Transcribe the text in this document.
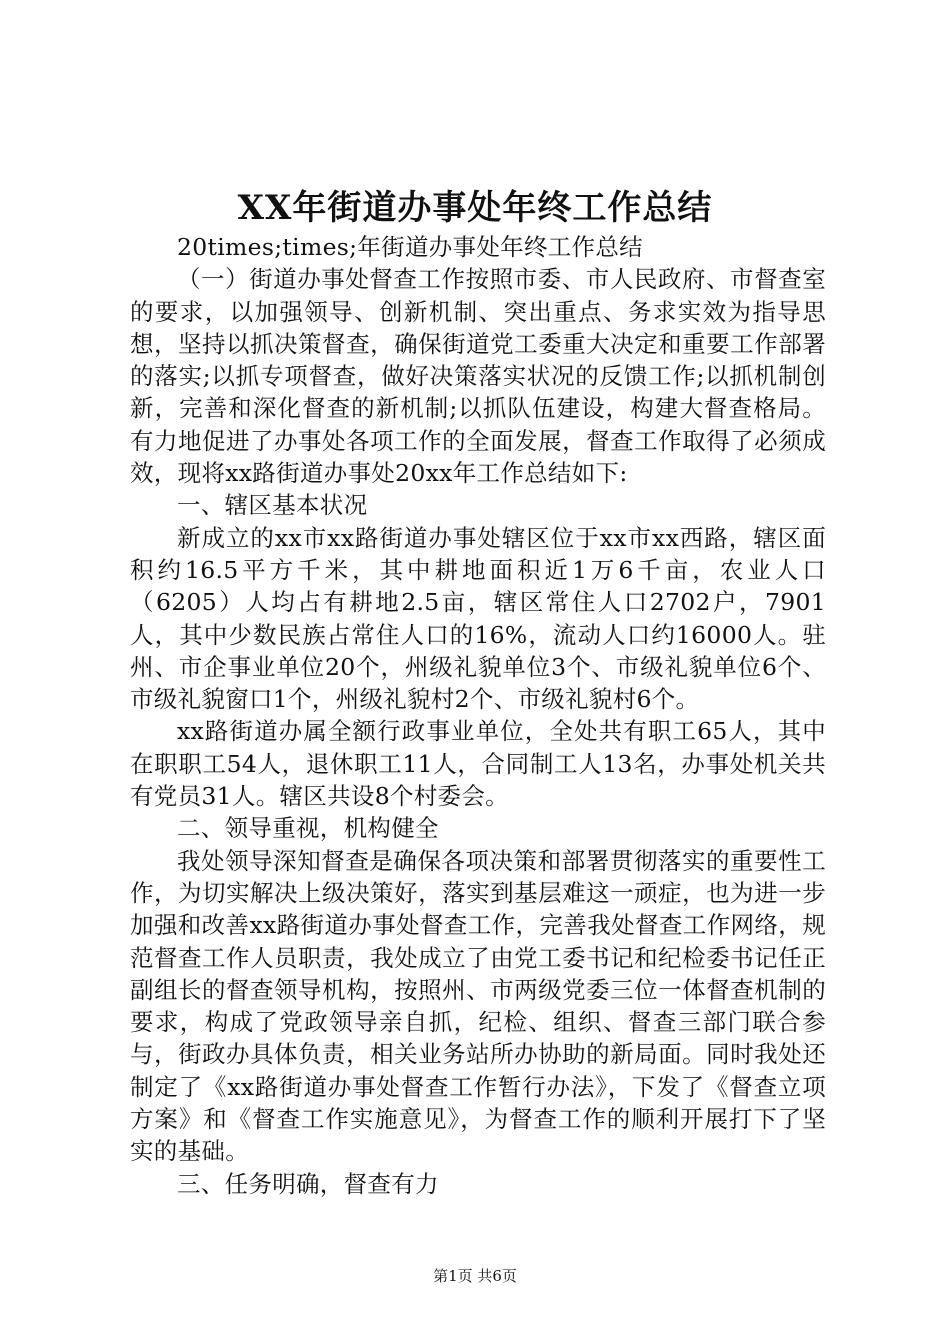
XX年街道办事处年终工作总结

20times;times;年街道办事处年终工作总结

（一）街道办事处督查工作按照市委、市人民政府、市督查室的要求，以加强领导、创新机制、突出重点、务求实效为指导思想，坚持以抓决策督查，确保街道党工委重大决定和重要工作部署的落实;以抓专项督查，做好决策落实状况的反馈工作;以抓机制创新，完善和深化督查的新机制;以抓队伍建设，构建大督查格局。有力地促进了办事处各项工作的全面发展，督查工作取得了必须成效，现将xx路街道办事处20xx年工作总结如下:

一、辖区基本状况

新成立的xx市xx路街道办事处辖区位于xx市xx西路，辖区面积约16.5平方千米，其中耕地面积近1万6千亩，农业人口（6205）人均占有耕地2.5亩，辖区常住人口2702户，7901人，其中少数民族占常住人口的16%，流动人口约16000人。驻州、市企事业单位20个，州级礼貌单位3个、市级礼貌单位6个、市级礼貌窗口1个，州级礼貌村2个、市级礼貌村6个。

xx路街道办属全额行政事业单位，全处共有职工65人，其中在职职工54人，退休职工11人，合同制工人13名，办事处机关共有党员31人。辖区共设8个村委会。

二、领导重视，机构健全

我处领导深知督查是确保各项决策和部署贯彻落实的重要性工作，为切实解决上级决策好，落实到基层难这一顽症，也为进一步加强和改善xx路街道办事处督查工作，完善我处督查工作网络，规范督查工作人员职责，我处成立了由党工委书记和纪检委书记任正副组长的督查领导机构，按照州、市两级党委三位一体督查机制的要求，构成了党政领导亲自抓，纪检、组织、督查三部门联合参与，街政办具体负责，相关业务站所办协助的新局面。同时我处还制定了《xx路街道办事处督查工作暂行办法》，下发了《督查立项方案》和《督查工作实施意见》，为督查工作的顺利开展打下了坚实的基础。

三、任务明确，督查有力

第1页 共6页
